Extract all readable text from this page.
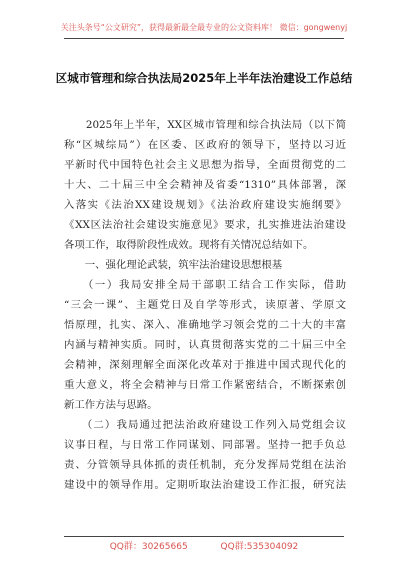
关注头条号“公文研究”，获得最新最全最专业的公文资料库！ 微信：gongwenyj
区城市管理和综合执法局2025年上半年法治建设工作总结
　　2025年上半年，XX区城市管理和综合执法局（以下简
称“区城综局”）在区委、区政府的领导下，坚持以习近
平新时代中国特色社会主义思想为指导，全面贯彻党的二
十大、二十届三中全会精神及省委“1310”具体部署，深
入落实《法治XX建设规划》《法治政府建设实施纲要》
《XX区法治社会建设实施意见》要求，扎实推进法治建设
各项工作，取得阶段性成效。现将有关情况总结如下。
　　一、强化理论武装，筑牢法治建设思想根基
　　（一）我局安排全局干部职工结合工作实际，借助
“三会一课”、主题党日及自学等形式，读原著、学原文
悟原理，扎实、深入、准确地学习领会党的二十大的丰富
内涵与精神实质。同时，认真贯彻落实党的二十届三中全
会精神，深刻理解全面深化改革对于推进中国式现代化的
重大意义，将全会精神与日常工作紧密结合，不断探索创
新工作方法与思路。
　　（二）我局通过把法治政府建设工作列入局党组会议
议事日程，与日常工作同谋划、同部署。坚持一把手负总
责、分管领导具体抓的责任机制，充分发挥局党组在法治
建设中的领导作用。定期听取法治建设工作汇报，研究法
QQ群：30265665	QQ群:535304092
